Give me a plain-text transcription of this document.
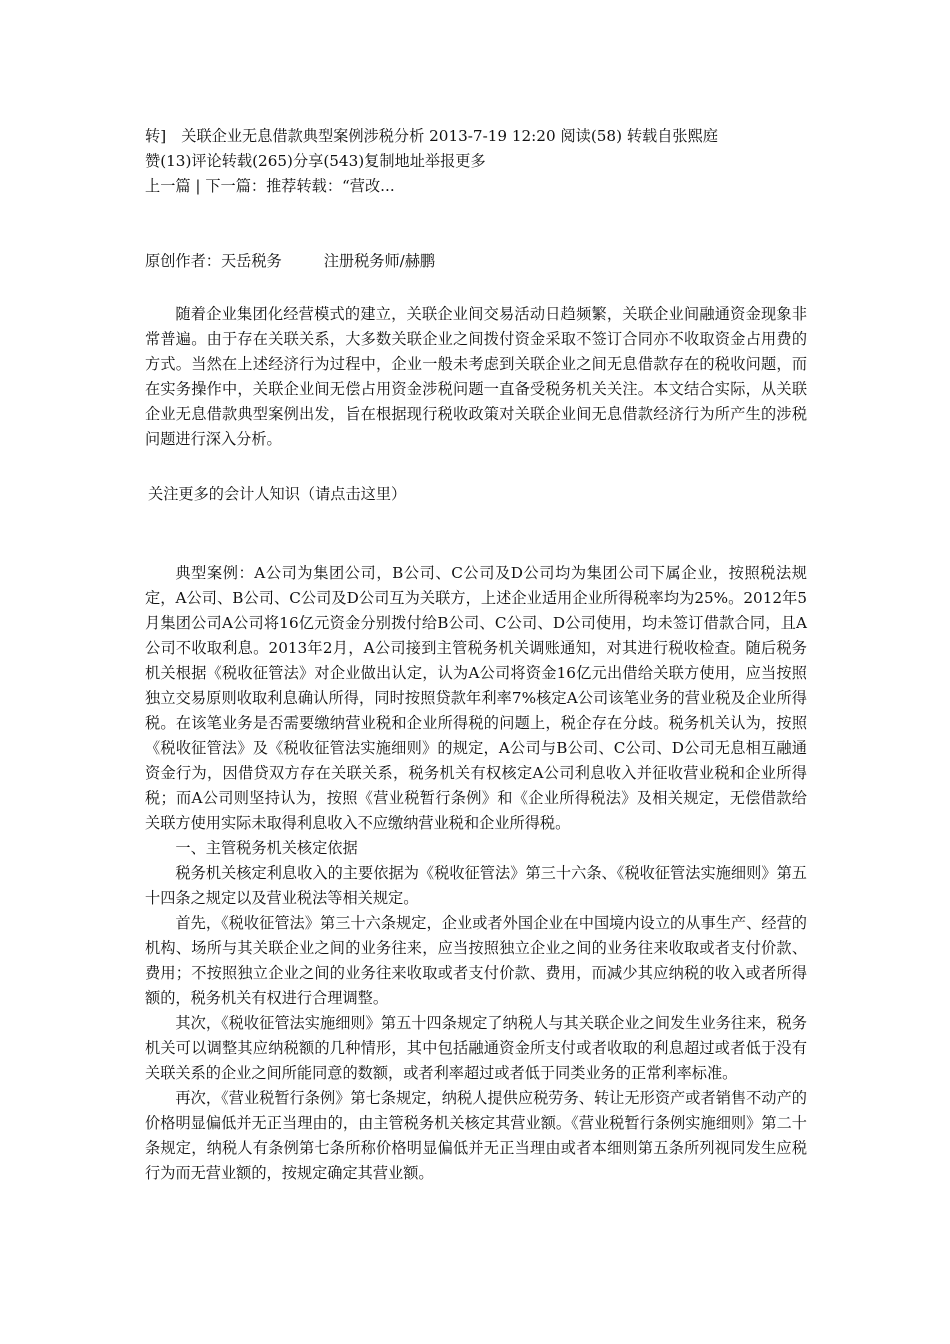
转]　关联企业无息借款典型案例涉税分析 2013-7-19 12:20 阅读(58) 转载自张熙庭

赞(13)评论转载(265)分享(543)复制地址举报更多

上一篇 | 下一篇：推荐转载：“营改...

原创作者：天岳税务	注册税务师/赫鹏

随着企业集团化经营模式的建立，关联企业间交易活动日趋频繁，关联企业间融通资金现象非常普遍。由于存在关联关系，大多数关联企业之间拨付资金采取不签订合同亦不收取资金占用费的方式。当然在上述经济行为过程中，企业一般未考虑到关联企业之间无息借款存在的税收问题，而在实务操作中，关联企业间无偿占用资金涉税问题一直备受税务机关关注。本文结合实际，从关联企业无息借款典型案例出发，旨在根据现行税收政策对关联企业间无息借款经济行为所产生的涉税问题进行深入分析。

关注更多的会计人知识（请点击这里）

典型案例：A公司为集团公司，B公司、C公司及D公司均为集团公司下属企业，按照税法规定，A公司、B公司、C公司及D公司互为关联方，上述企业适用企业所得税率均为25%。2012年5月集团公司A公司将16亿元资金分别拨付给B公司、C公司、D公司使用，均未签订借款合同，且A公司不收取利息。2013年2月，A公司接到主管税务机关调账通知，对其进行税收检查。随后税务机关根据《税收征管法》对企业做出认定，认为A公司将资金16亿元出借给关联方使用，应当按照独立交易原则收取利息确认所得，同时按照贷款年利率7%核定A公司该笔业务的营业税及企业所得税。在该笔业务是否需要缴纳营业税和企业所得税的问题上，税企存在分歧。税务机关认为，按照《税收征管法》及《税收征管法实施细则》的规定，A公司与B公司、C公司、D公司无息相互融通资金行为，因借贷双方存在关联关系，税务机关有权核定A公司利息收入并征收营业税和企业所得税；而A公司则坚持认为，按照《营业税暂行条例》和《企业所得税法》及相关规定，无偿借款给关联方使用实际未取得利息收入不应缴纳营业税和企业所得税。

一、主管税务机关核定依据

税务机关核定利息收入的主要依据为《税收征管法》第三十六条、《税收征管法实施细则》第五十四条之规定以及营业税法等相关规定。

首先，《税收征管法》第三十六条规定，企业或者外国企业在中国境内设立的从事生产、经营的机构、场所与其关联企业之间的业务往来，应当按照独立企业之间的业务往来收取或者支付价款、费用；不按照独立企业之间的业务往来收取或者支付价款、费用，而减少其应纳税的收入或者所得额的，税务机关有权进行合理调整。

其次，《税收征管法实施细则》第五十四条规定了纳税人与其关联企业之间发生业务往来，税务机关可以调整其应纳税额的几种情形，其中包括融通资金所支付或者收取的利息超过或者低于没有关联关系的企业之间所能同意的数额，或者利率超过或者低于同类业务的正常利率标准。

再次，《营业税暂行条例》第七条规定，纳税人提供应税劳务、转让无形资产或者销售不动产的价格明显偏低并无正当理由的，由主管税务机关核定其营业额。《营业税暂行条例实施细则》第二十条规定，纳税人有条例第七条所称价格明显偏低并无正当理由或者本细则第五条所列视同发生应税行为而无营业额的，按规定确定其营业额。
